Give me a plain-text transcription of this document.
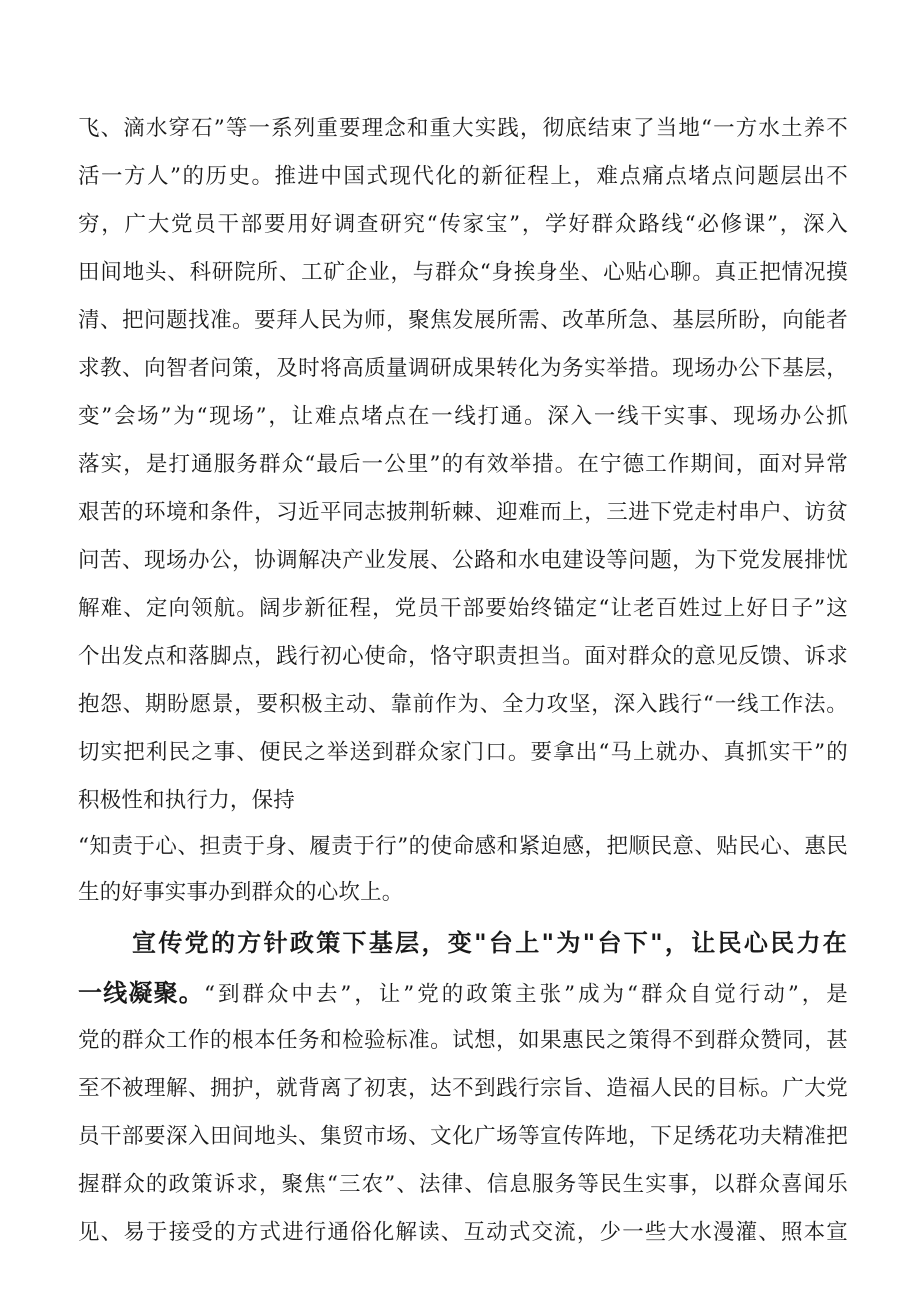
飞、滴水穿石”等一系列重要理念和重大实践，彻底结束了当地“一方水土养不
活一方人”的历史。推进中国式现代化的新征程上，难点痛点堵点问题层出不
穷，广大党员干部要用好调查研究“传家宝”，学好群众路线“必修课”，深入
田间地头、科研院所、工矿企业，与群众“身挨身坐、心贴心聊。真正把情况摸
清、把问题找准。要拜人民为师，聚焦发展所需、改革所急、基层所盼，向能者
求教、向智者问策，及时将高质量调研成果转化为务实举措。现场办公下基层，
变”会场”为“现场”，让难点堵点在一线打通。深入一线干实事、现场办公抓
落实，是打通服务群众“最后一公里”的有效举措。在宁德工作期间，面对异常
艰苦的环境和条件，习近平同志披荆斩棘、迎难而上，三进下党走村串户、访贫
问苦、现场办公，协调解决产业发展、公路和水电建设等问题，为下党发展排忧
解难、定向领航。阔步新征程，党员干部要始终锚定“让老百姓过上好日子”这
个出发点和落脚点，践行初心使命，恪守职责担当。面对群众的意见反馈、诉求
抱怨、期盼愿景，要积极主动、靠前作为、全力攻坚，深入践行“一线工作法。
切实把利民之事、便民之举送到群众家门口。要拿出“马上就办、真抓实干”的
积极性和执行力，保持
“知责于心、担责于身、履责于行”的使命感和紧迫感，把顺民意、贴民心、惠民
生的好事实事办到群众的心坎上。
宣传党的方针政策下基层，变"台上"为"台下"，让民心民力在
一线凝聚。 “到群众中去”，让”党的政策主张”成为“群众自觉行动”，是
党的群众工作的根本任务和检验标准。试想，如果惠民之策得不到群众赞同，甚
至不被理解、拥护，就背离了初衷，达不到践行宗旨、造福人民的目标。广大党
员干部要深入田间地头、集贸市场、文化广场等宣传阵地，下足绣花功夫精准把
握群众的政策诉求，聚焦“三农”、法律、信息服务等民生实事，以群众喜闻乐
见、易于接受的方式进行通俗化解读、互动式交流，少一些大水漫灌、照本宣
